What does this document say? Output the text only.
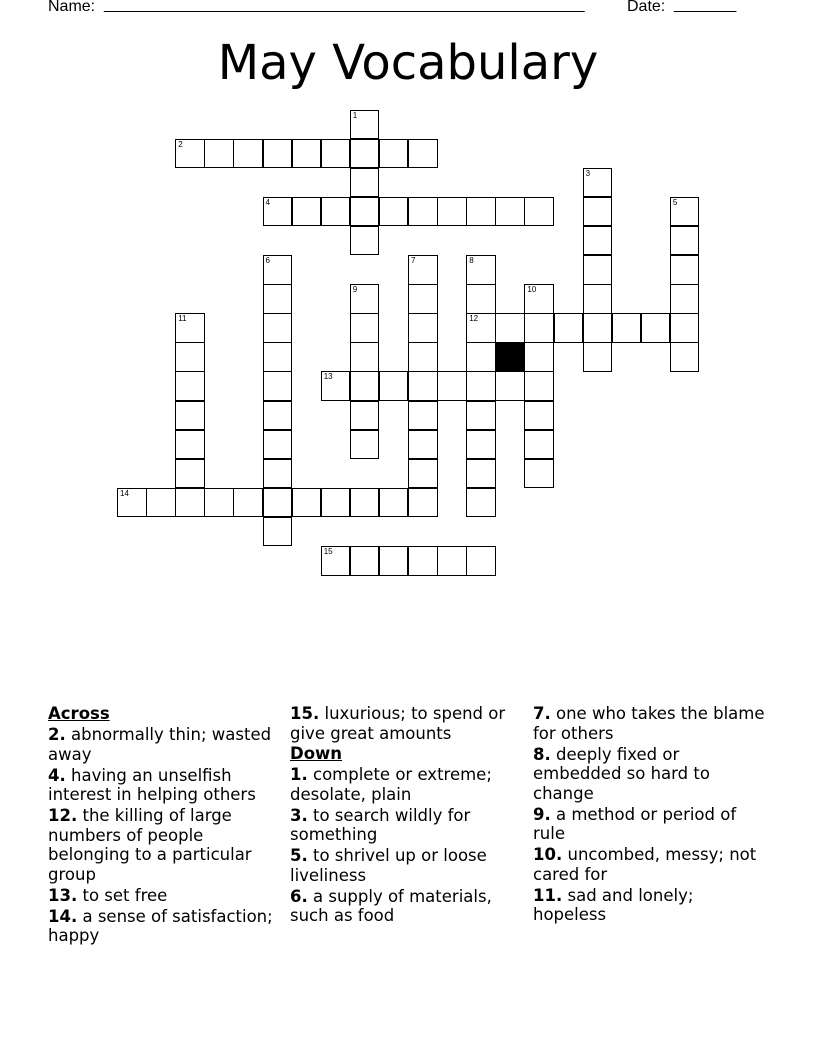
Name: ______________________________________________________	Date: _______
May Vocabulary
1
2
3
4	5
6	7	8
12
9	10
11
13
14
15
Across
2. abnormally thin; wasted away
4. having an unselfish interest in helping others
12. the killing of large numbers of people belonging to a particular group
13. to set free
14. a sense of satisfaction; happy
15. luxurious; to spend or give great amounts
Down
1. complete or extreme; desolate, plain
3. to search wildly for something
5. to shrivel up or loose liveliness
6. a supply of materials, such as food
7. one who takes the blame for others
8. deeply fixed or embedded so hard to change
9. a method or period of rule
10. uncombed, messy; not cared for
11. sad and lonely; hopeless
